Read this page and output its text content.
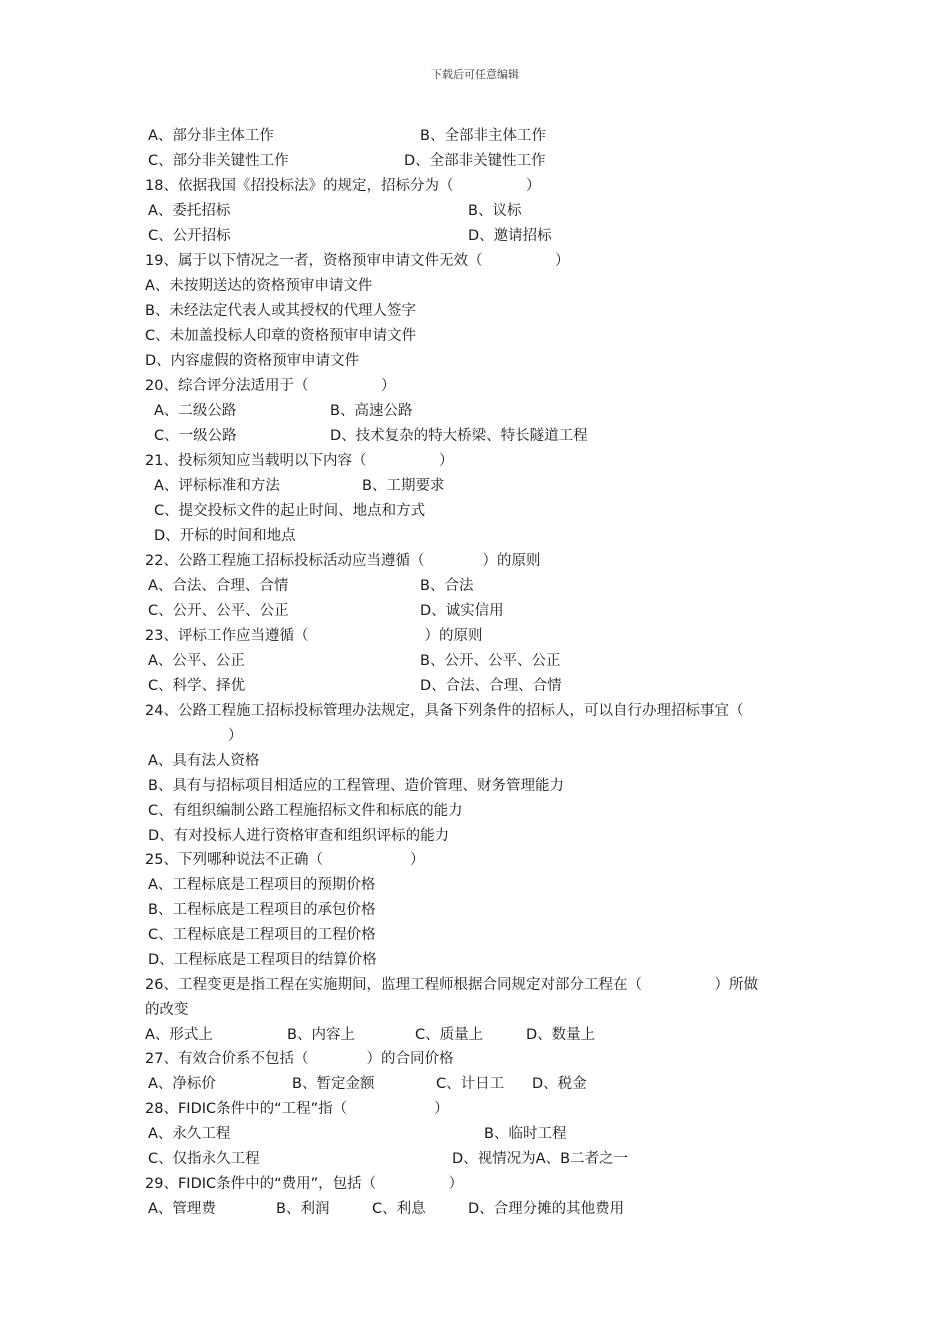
下载后可任意编辑
A、部分非主体工作	B、全部非主体工作
C、部分非关键性工作	D、全部非关键性工作
18、依据我国《招投标法》的规定，招标分为（　　　　　）
A、委托招标	B、议标
C、公开招标	D、邀请招标
19、属于以下情况之一者，资格预审申请文件无效（　　　　　）
A、未按期送达的资格预审申请文件
B、未经法定代表人或其授权的代理人签字
C、未加盖投标人印章的资格预审申请文件
D、内容虚假的资格预审申请文件
20、综合评分法适用于（　　　　　）
A、二级公路	B、高速公路
C、一级公路	D、技术复杂的特大桥梁、特长隧道工程
21、投标须知应当载明以下内容（　　　　　）
A、评标标准和方法	B、工期要求
C、提交投标文件的起止时间、地点和方式
D、开标的时间和地点
22、公路工程施工招标投标活动应当遵循（　　　　）的原则
A、合法、合理、合情	B、合法
C、公开、公平、公正	D、诚实信用
23、评标工作应当遵循（　　　　　　　　）的原则
A、公平、公正	B、公开、公平、公正
C、科学、择优	D、合法、合理、合情
24、公路工程施工招标投标管理办法规定，具备下列条件的招标人，可以自行办理招标事宜（
）
A、具有法人资格
B、具有与招标项目相适应的工程管理、造价管理、财务管理能力
C、有组织编制公路工程施招标文件和标底的能力
D、有对投标人进行资格审查和组织评标的能力
25、下列哪种说法不正确（　　　　　　）
A、工程标底是工程项目的预期价格
B、工程标底是工程项目的承包价格
C、工程标底是工程项目的工程价格
D、工程标底是工程项目的结算价格
26、工程变更是指工程在实施期间，监理工程师根据合同规定对部分工程在（　　　　　）所做
的改变
A、形式上	B、内容上	C、质量上	D、数量上
27、有效合价系不包括（　　　　）的合同价格
A、净标价	B、暂定金额	C、计日工 D、税金
28、FIDIC条件中的“工程”指（　　　　　　）
A、永久工程	B、临时工程
C、仅指永久工程	D、视情况为A、B二者之一
29、FIDIC条件中的“费用”，包括（　　　　　）
A、管理费	B、利润	C、利息	D、合理分摊的其他费用
